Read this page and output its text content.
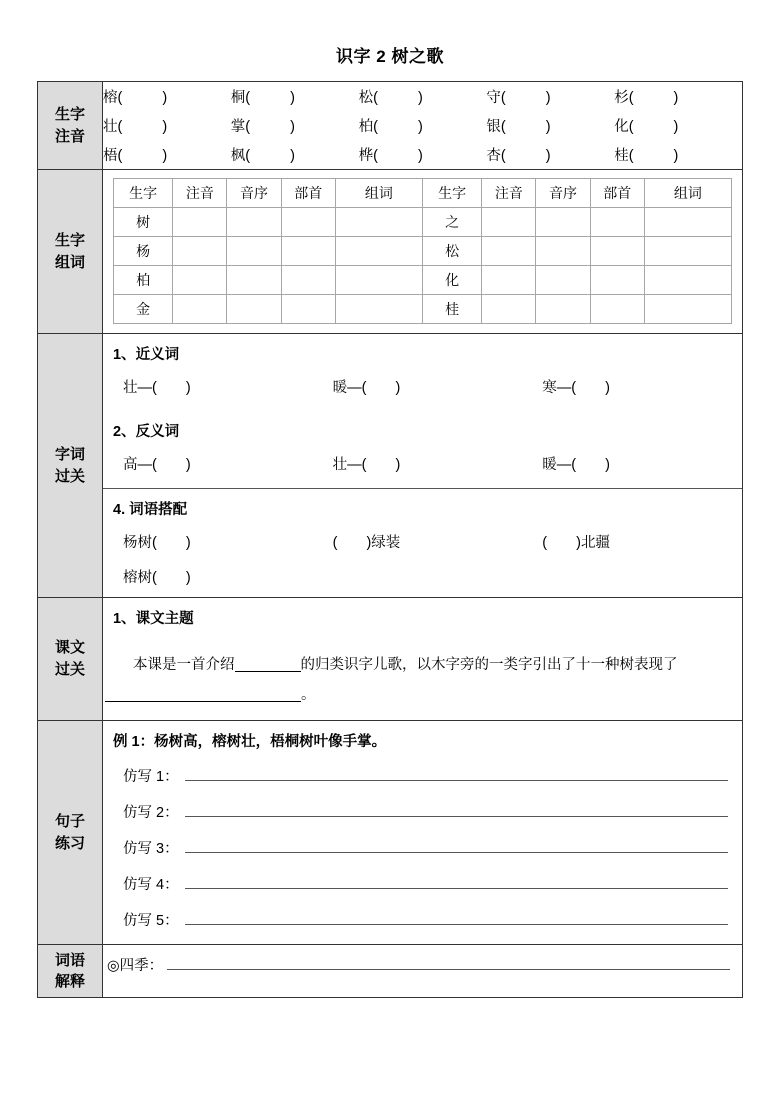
识字 2 树之歌
生字
注音

榕(	)	桐(	)	松(	)	守(	)	杉(	)
壮(	)	掌(	)	柏(	)	银(	)	化(	)
梧(	)	枫(	)	桦(	)	杏(	)	桂(	)

生字
组词

生字	注音	音序	部首	组词	生字	注音	音序	部首	组词
树					之				
杨					松				
柏					化				
金					桂				

字词
过关

1、近义词
壮—(　　)	暖—(　　)	寒—(　　)
2、反义词
高—(　　)	壮—(　　)	暖—(　　)
4. 词语搭配
杨树(　　)	(　　)绿装	(　　)北疆
榕树(　　)

课文
过关

1、课文主题
本课是一首介绍	的归类识字儿歌，以木字旁的一类字引出了十一种树表现了。

句子
练习

例 1：杨树高，榕树壮，梧桐树叶像手掌。
仿写 1：
仿写 2：
仿写 3：
仿写 4：
仿写 5：

词语
解释

◎四季：
